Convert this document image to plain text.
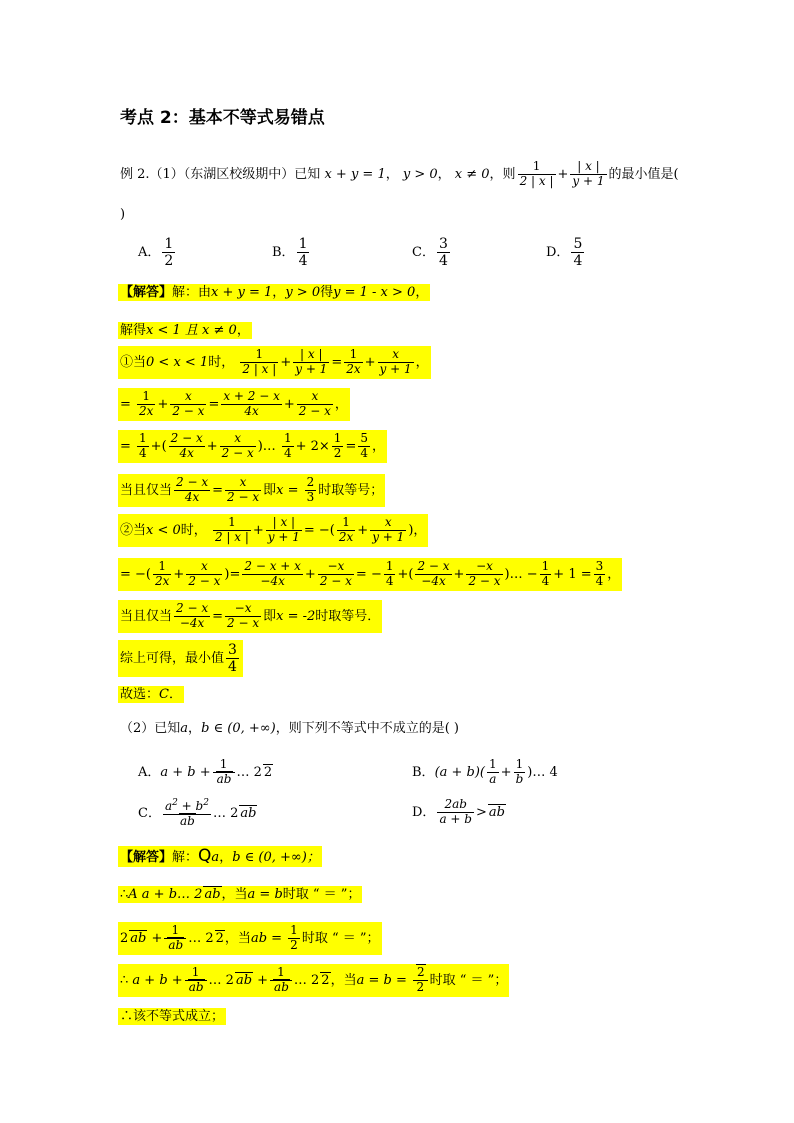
考点 2：基本不等式易错点
例 2.（1）（东湖区校级期中）已知 x + y = 1， y > 0， x ≠ 0，则 $\frac{1}{2 | x |} + \frac{| x |}{y + 1}$ 的最小值是(
)
A． $\frac{1}{2}$	B． $\frac{1}{4}$	C． $\frac{3}{4}$	D． $\frac{5}{4}$
【解答】解：由x + y = 1，y > 0得y = 1 - x > 0，
解得x < 1 且 x ≠ 0，
①当0 < x < 1时， $\frac{1}{2 | x |} + \frac{| x |}{y + 1} = \frac{1}{2x} + \frac{x}{y + 1}$ ，
= $\frac{1}{2x} + \frac{x}{2 - x} = \frac{x + 2 - x}{4x} + \frac{x}{2 - x}$ ，
= $\frac{1}{4}$ +( $\frac{2 - x}{4x} + \frac{x}{2 - x}$ )… $\frac{1}{4} + 2\times \frac{1}{2} = \frac{5}{4}$ ，
当且仅当 $\frac{2 - x}{4x} = \frac{x}{2 - x}$ 即$x = \frac{2}{3}$ 时取等号；
②当x < 0时， $\frac{1}{2 | x |} + \frac{| x |}{y + 1}$ = −( $\frac{1}{2x} + \frac{x}{y + 1}$ )，
= −( $\frac{1}{2x} + \frac{x}{2 - x}$ )= $\frac{2 - x + x}{-4x} + \frac{-x}{2 - x}$ = − $\frac{1}{4}$ +( $\frac{2 - x}{-4x} + \frac{-x}{2 - x}$ )… − $\frac{1}{4} + 1 = \frac{3}{4}$ ，
当且仅当 $\frac{2 - x}{-4x} = \frac{-x}{2 - x}$ 即x = -2时取等号．
综上可得，最小值 $\frac{3}{4}$
故选：C．
（2）已知a，b ∈ (0, +∞)，则下列不等式中不成立的是( )
A．$a + b + \frac{1}{ab}$ … 2 2	B．$(a + b)( \frac{1}{a} + \frac{1}{b}$ )… 4
C． $\frac{a^2 + b^2}{ab}$ … 2 ab	D． $\frac{2ab}{a + b}$ > ab
【解答】解：Qa，b ∈ (0, +∞)；
∴A a + b… 2 ab，当a = b时取 “ ＝ ”；
2 ab + $\frac{1}{ab}$ … 2 2，当ab = $\frac{1}{2}$ 时取 “ ＝ ”；
∴ $a + b + \frac{1}{ab}$ … 2 ab + $\frac{1}{ab}$ … 2 2，当$a = b = \frac{2}{2}$ 时取 “ ＝ ”；
∴该不等式成立；
